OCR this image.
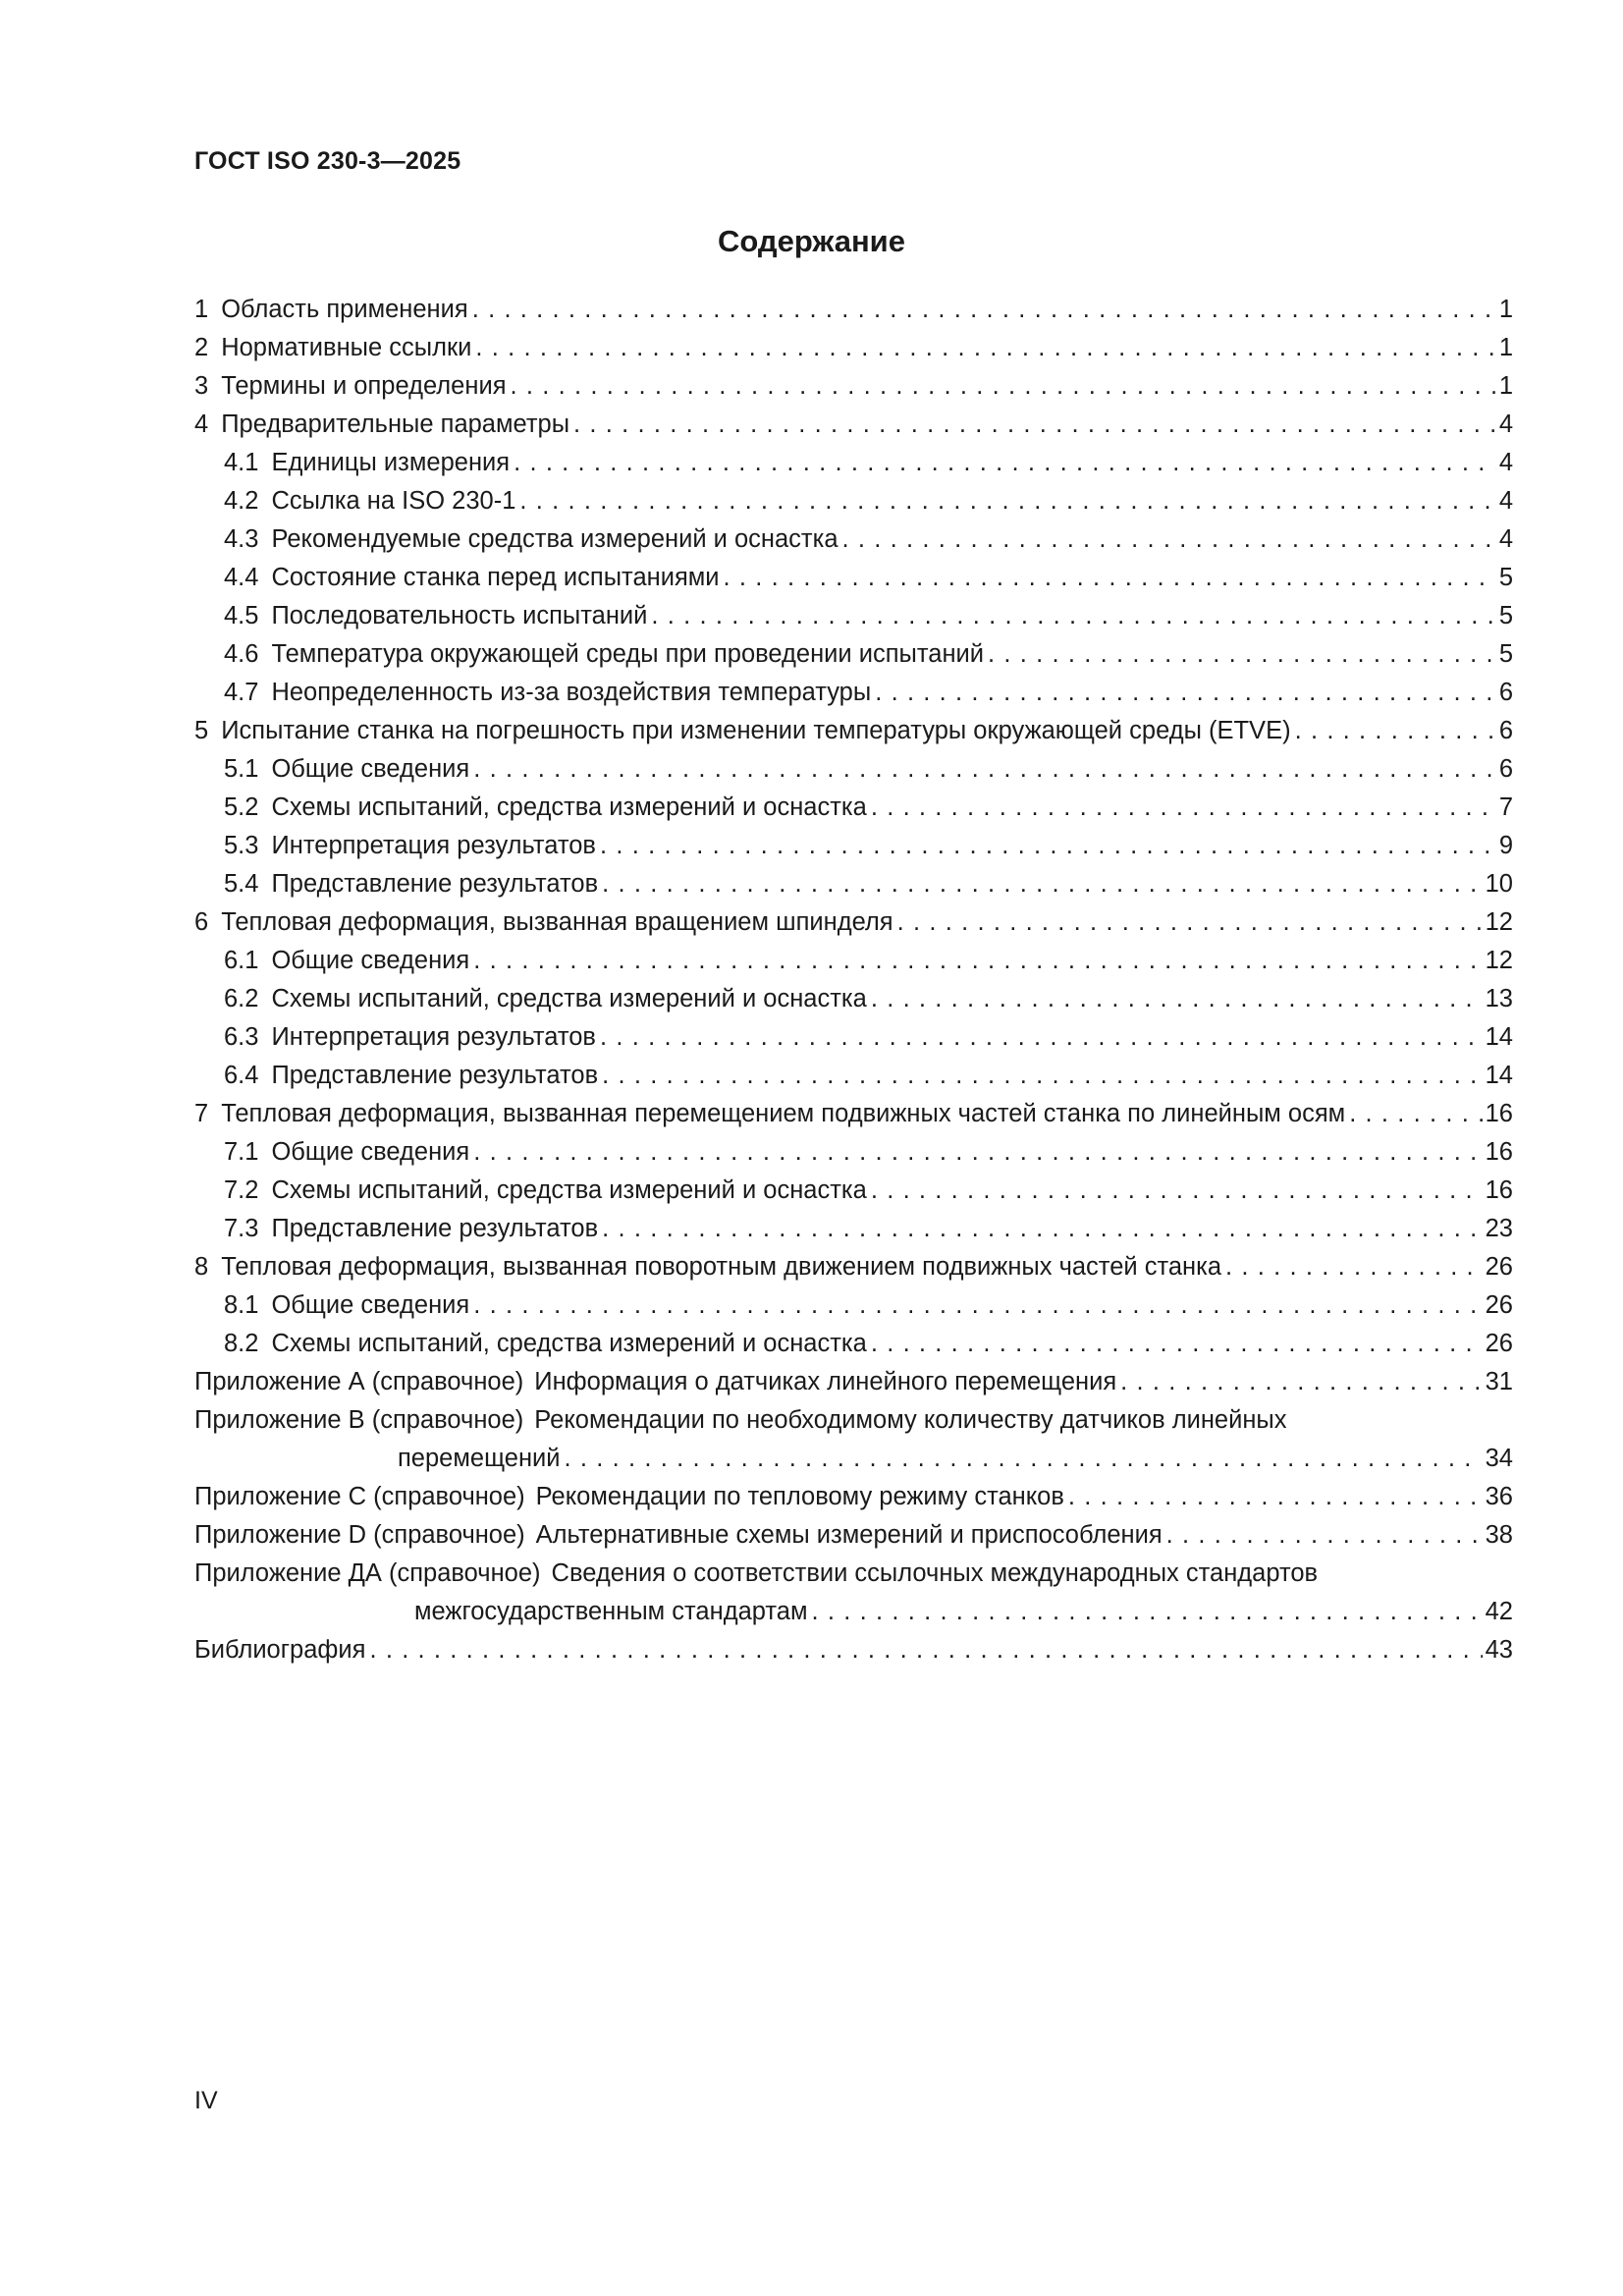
ГОСТ ISO 230-3—2025
Содержание
1 Область применения . . .	1
2 Нормативные ссылки . . .	1
3 Термины и определения . . .	1
4 Предварительные параметры . . .	4
4.1 Единицы измерения . . .	4
4.2 Ссылка на ISO 230-1 . . .	4
4.3 Рекомендуемые средства измерений и оснастка . . .	4
4.4 Состояние станка перед испытаниями . . .	5
4.5 Последовательность испытаний . . .	5
4.6 Температура окружающей среды при проведении испытаний . . .	5
4.7 Неопределенность из-за воздействия температуры . . .	6
5 Испытание станка на погрешность при изменении температуры окружающей среды (ETVE) . . .	6
5.1 Общие сведения . . .	6
5.2 Схемы испытаний, средства измерений и оснастка . . .	7
5.3 Интерпретация результатов . . .	9
5.4 Представление результатов . . .	10
6 Тепловая деформация, вызванная вращением шпинделя . . .	12
6.1 Общие сведения . . .	12
6.2 Схемы испытаний, средства измерений и оснастка . . .	13
6.3 Интерпретация результатов . . .	14
6.4 Представление результатов . . .	14
7 Тепловая деформация, вызванная перемещением подвижных частей станка по линейным осям . . .	16
7.1 Общие сведения . . .	16
7.2 Схемы испытаний, средства измерений и оснастка . . .	16
7.3 Представление результатов . . .	23
8 Тепловая деформация, вызванная поворотным движением подвижных частей станка . . .	26
8.1 Общие сведения . . .	26
8.2 Схемы испытаний, средства измерений и оснастка . . .	26
Приложение А (справочное) Информация о датчиках линейного перемещения . . .	31
Приложение В (справочное) Рекомендации по необходимому количеству датчиков линейных
перемещений . . .	34
Приложение С (справочное) Рекомендации по тепловому режиму станков . . .	36
Приложение D (справочное) Альтернативные схемы измерений и приспособления . . .	38
Приложение ДА (справочное) Сведения о соответствии ссылочных международных стандартов
межгосударственным стандартам . . .	42
Библиография . . .	43
IV
